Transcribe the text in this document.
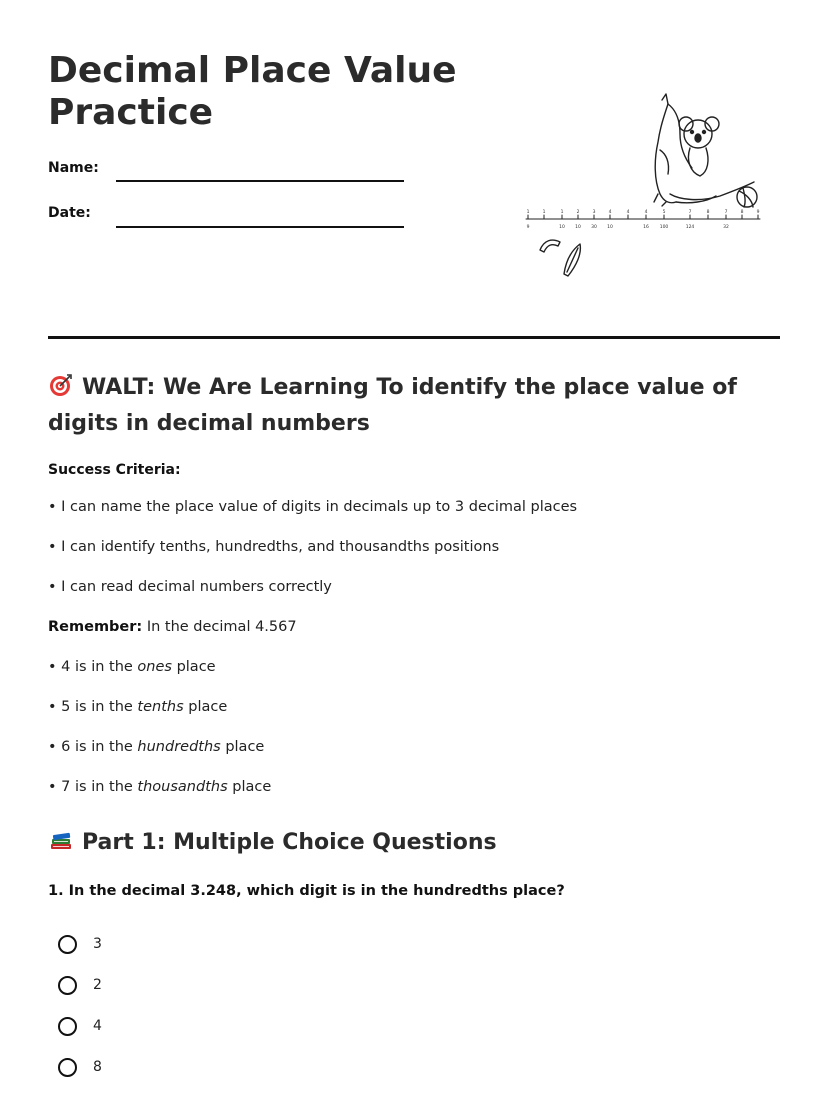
Decimal Place Value Practice
Name:
Date:	1
9
1	1
10
2
10
3
30
4
10
4	4
16
5
100
7
124
8	7
32
8	9
WALT: We Are Learning To identify the place value of digits in decimal numbers
Success Criteria:
• I can name the place value of digits in decimals up to 3 decimal places
• I can identify tenths, hundredths, and thousandths positions
• I can read decimal numbers correctly
Remember: In the decimal 4.567
• 4 is in the ones place
• 5 is in the tenths place
• 6 is in the hundredths place
• 7 is in the thousandths place
Part 1: Multiple Choice Questions
1. In the decimal 3.248, which digit is in the hundredths place?
3
2
4
8
